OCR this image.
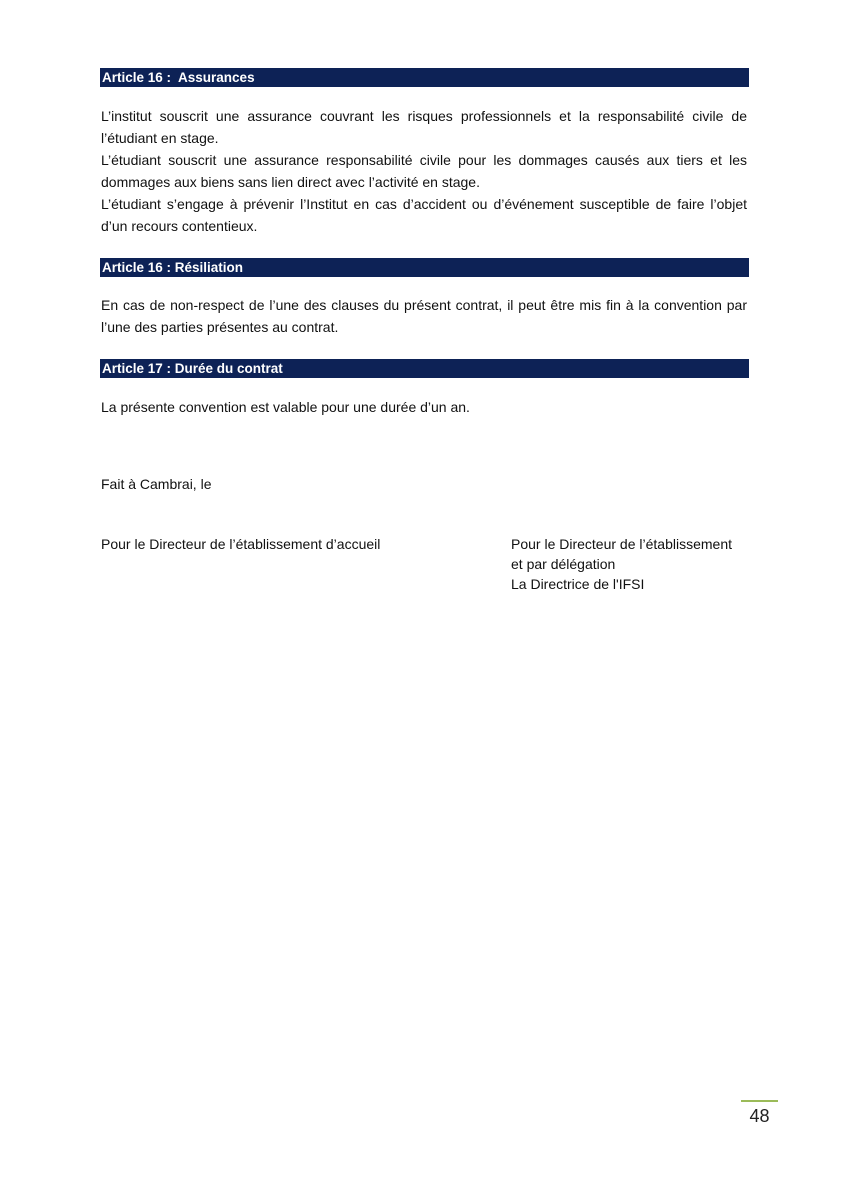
Article 16 :  Assurances
L’institut souscrit une assurance couvrant les risques professionnels et la responsabilité civile de
l’étudiant en stage.
L’étudiant souscrit une assurance responsabilité civile pour les dommages causés aux tiers et les
dommages aux biens sans lien direct avec l’activité en stage.
L’étudiant s’engage à prévenir l’Institut en cas d’accident ou d’événement susceptible de faire l’objet
d’un recours contentieux.
Article 16 : Résiliation
En cas de non-respect de l’une des clauses du présent contrat, il peut être mis fin à la convention par
l’une des parties présentes au contrat.
Article 17 : Durée du contrat
La présente convention est valable pour une durée d’un an.
Fait à Cambrai, le
Pour le Directeur de l’établissement d’accueil	Pour le Directeur de l’établissement
et par délégation
La Directrice de l'IFSI
48
